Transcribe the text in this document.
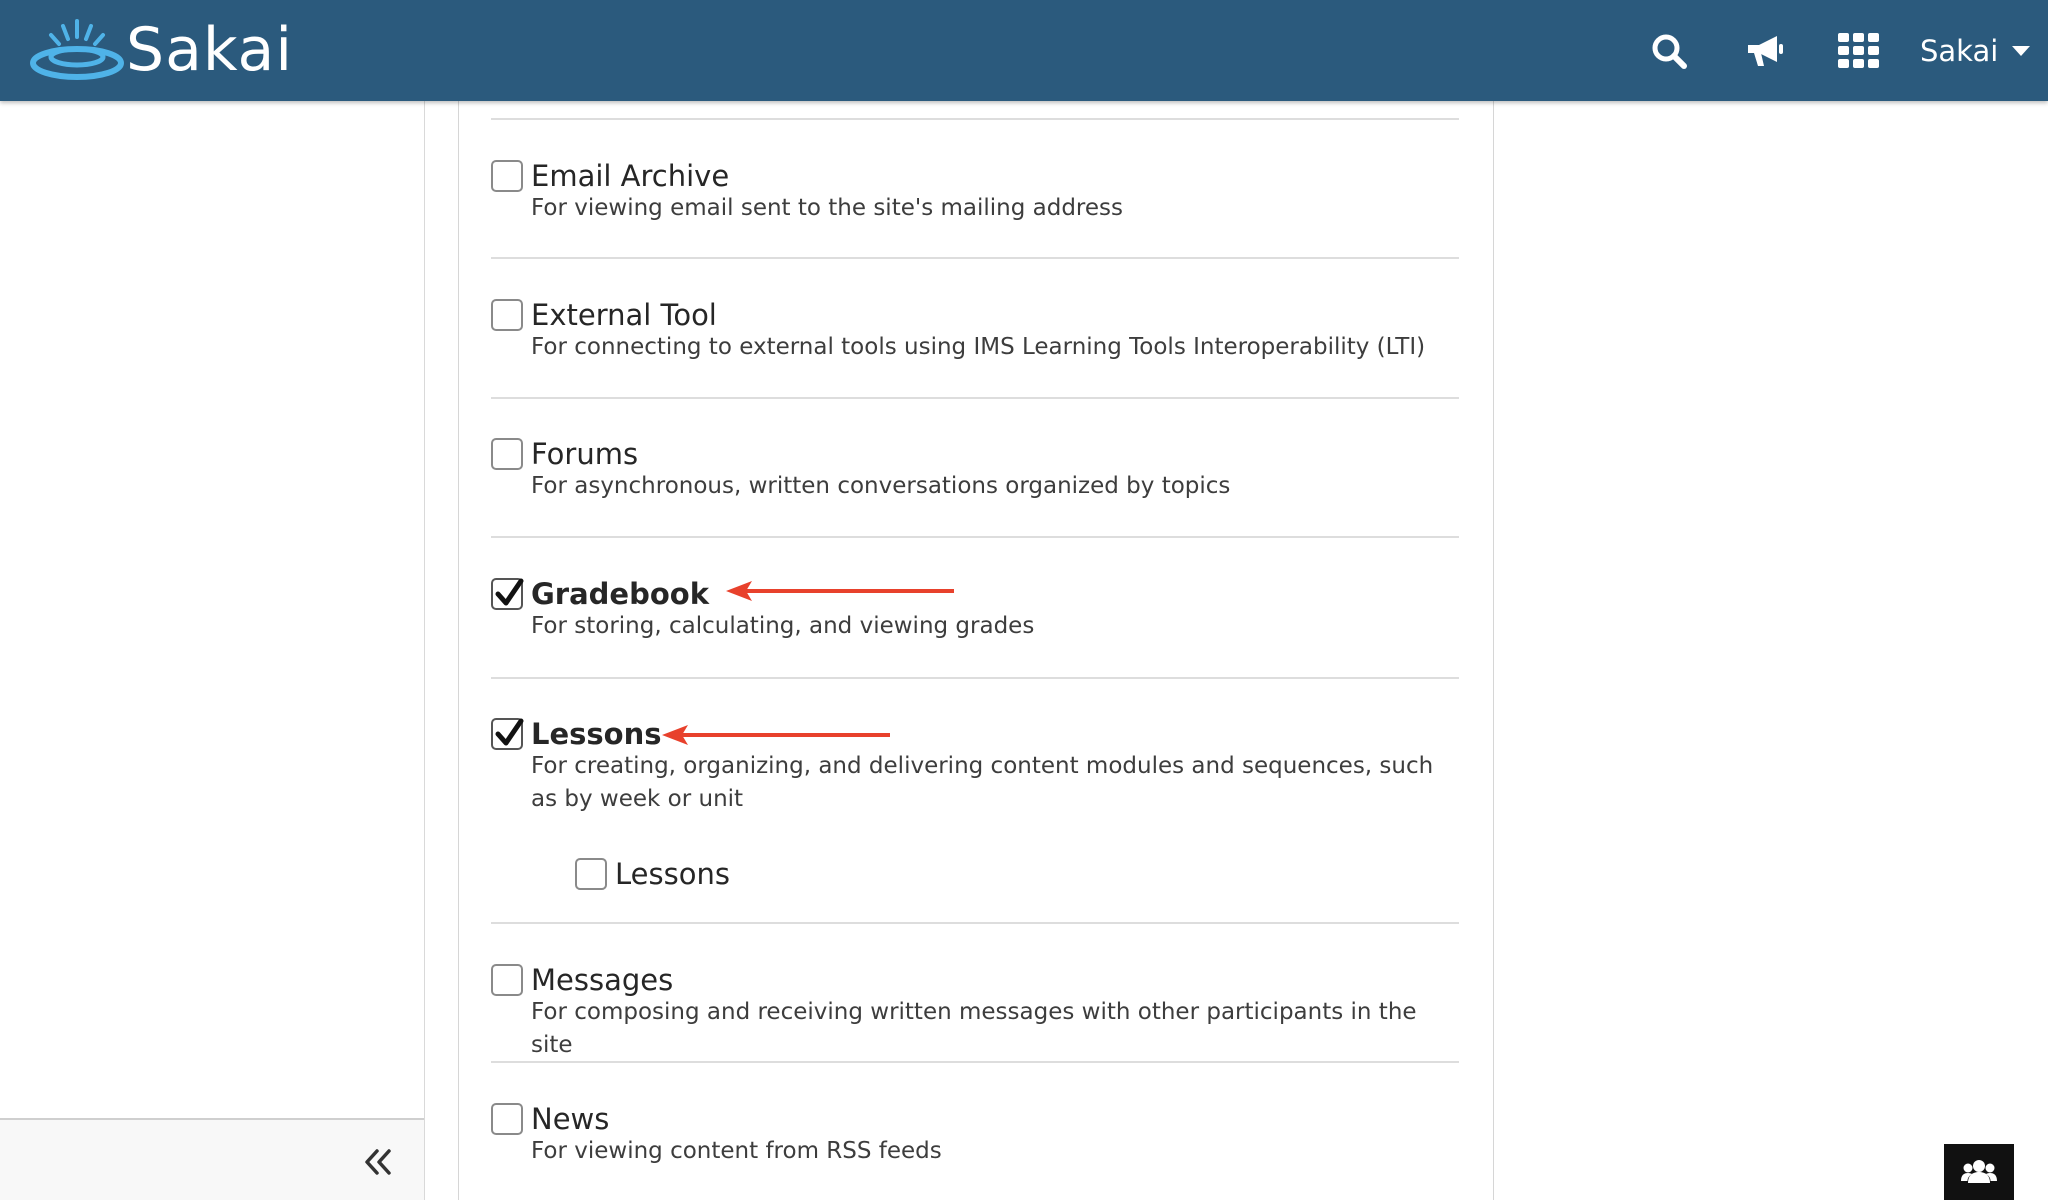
Sakai	Sakai
Email Archive
For viewing email sent to the site's mailing address
External Tool
For connecting to external tools using IMS Learning Tools Interoperability (LTI)
Forums
For asynchronous, written conversations organized by topics
Gradebook
For storing, calculating, and viewing grades
Lessons
For creating, organizing, and delivering content modules and sequences, such as by week or unit
Lessons
Messages
For composing and receiving written messages with other participants in the site
News
For viewing content from RSS feeds
